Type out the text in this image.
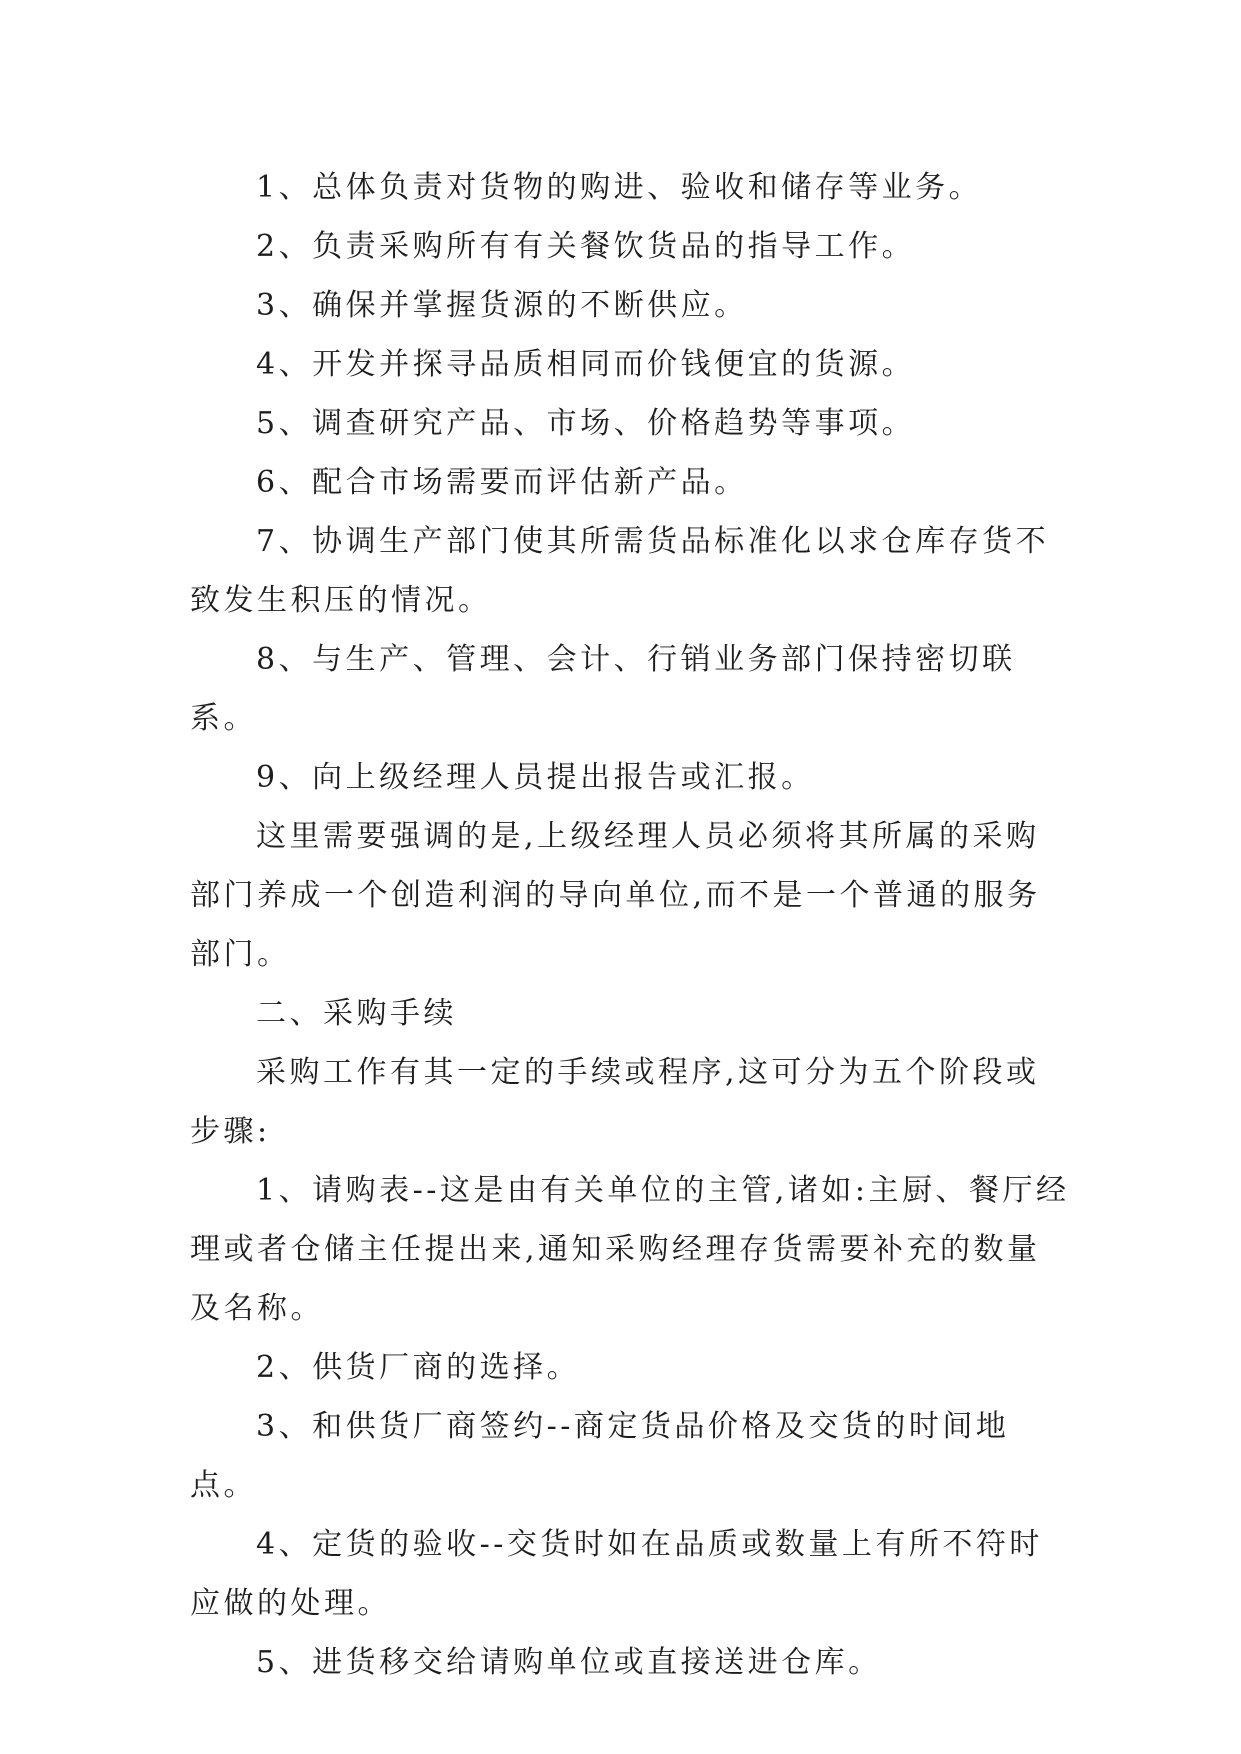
1、总体负责对货物的购进、验收和储存等业务。

2、负责采购所有有关餐饮货品的指导工作。

3、确保并掌握货源的不断供应。

4、开发并探寻品质相同而价钱便宜的货源。

5、调查研究产品、市场、价格趋势等事项。

6、配合市场需要而评估新产品。

7、协调生产部门使其所需货品标准化以求仓库存货不致发生积压的情况。

8、与生产、管理、会计、行销业务部门保持密切联系。

9、向上级经理人员提出报告或汇报。

这里需要强调的是,上级经理人员必须将其所属的采购部门养成一个创造利润的导向单位,而不是一个普通的服务部门。

二、采购手续

采购工作有其一定的手续或程序,这可分为五个阶段或步骤:

1、请购表--这是由有关单位的主管,诸如:主厨、餐厅经理或者仓储主任提出来,通知采购经理存货需要补充的数量及名称。

2、供货厂商的选择。

3、和供货厂商签约--商定货品价格及交货的时间地点。

4、定货的验收--交货时如在品质或数量上有所不符时应做的处理。

5、进货移交给请购单位或直接送进仓库。
